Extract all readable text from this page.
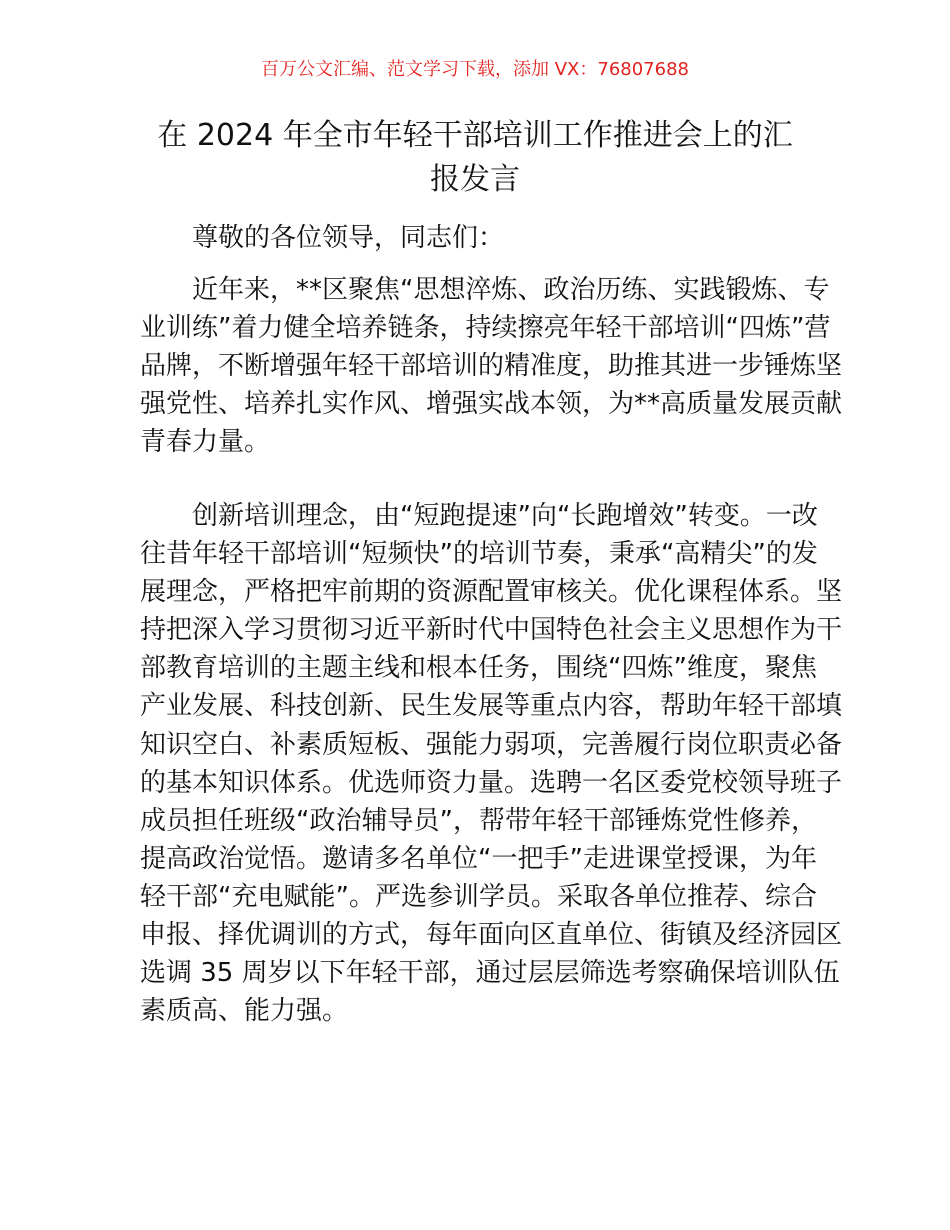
百万公文汇编、范文学习下载，添加 VX：76807688
在 2024 年全市年轻干部培训工作推进会上的汇
报发言
尊敬的各位领导，同志们：
近年来，**区聚焦“思想淬炼、政治历练、实践锻炼、专
业训练”着力健全培养链条，持续擦亮年轻干部培训“四炼”营
品牌，不断增强年轻干部培训的精准度，助推其进一步锤炼坚
强党性、培养扎实作风、增强实战本领，为**高质量发展贡献
青春力量。
创新培训理念，由“短跑提速”向“长跑增效”转变。一改
往昔年轻干部培训“短频快”的培训节奏，秉承“高精尖”的发
展理念，严格把牢前期的资源配置审核关。优化课程体系。坚
持把深入学习贯彻习近平新时代中国特色社会主义思想作为干
部教育培训的主题主线和根本任务，围绕“四炼”维度，聚焦
产业发展、科技创新、民生发展等重点内容，帮助年轻干部填
知识空白、补素质短板、强能力弱项，完善履行岗位职责必备
的基本知识体系。优选师资力量。选聘一名区委党校领导班子
成员担任班级“政治辅导员”，帮带年轻干部锤炼党性修养，
提高政治觉悟。邀请多名单位“一把手”走进课堂授课，为年
轻干部“充电赋能”。严选参训学员。采取各单位推荐、综合
申报、择优调训的方式，每年面向区直单位、街镇及经济园区
选调 35 周岁以下年轻干部，通过层层筛选考察确保培训队伍
素质高、能力强。
